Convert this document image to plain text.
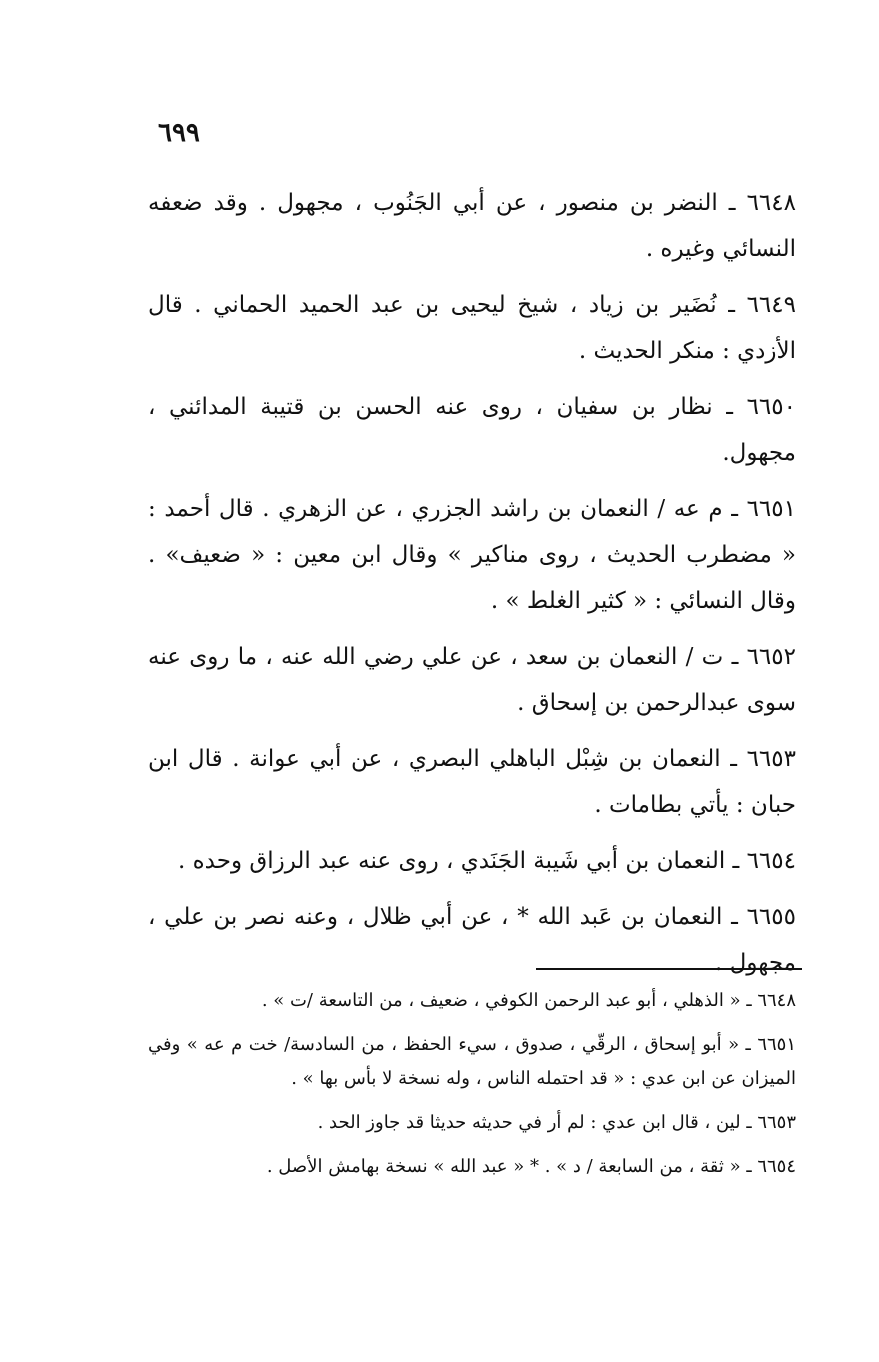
٦٩٩

٦٦٤٨ ـ النضر بن منصور ، عن أبي الجَنُوب ، مجهول . وقد ضعفه النسائي وغيره .

٦٦٤٩ ـ نُضَير بن زياد ، شيخ ليحيى بن عبد الحميد الحماني . قال الأزدي : منكر الحديث .

٦٦٥٠ ـ نظار بن سفيان ، روى عنه الحسن بن قتيبة المدائني ، مجهول.

٦٦٥١ ـ م عه / النعمان بن راشد الجزري ، عن الزهري . قال أحمد : « مضطرب الحديث ، روى مناكير » وقال ابن معين : « ضعيف» . وقال النسائي : « كثير الغلط » .

٦٦٥٢ ـ ت / النعمان بن سعد ، عن علي رضي الله عنه ، ما روى عنه سوى عبدالرحمن بن إسحاق .

٦٦٥٣ ـ النعمان بن شِبْل الباهلي البصري ، عن أبي عوانة . قال ابن حبان : يأتي بطامات .

٦٦٥٤ ـ النعمان بن أبي شَيبة الجَنَدي ، روى عنه عبد الرزاق وحده .

٦٦٥٥ ـ النعمان بن عَبد الله * ، عن أبي ظلال ، وعنه نصر بن علي ، مجهول .

٦٦٤٨ ـ « الذهلي ، أبو عبد الرحمن الكوفي ، ضعيف ، من التاسعة /ت » .

٦٦٥١ ـ « أبو إسحاق ، الرقّي ، صدوق ، سيء الحفظ ، من السادسة/ خت م عه » وفي الميزان عن ابن عدي : « قد احتمله الناس ، وله نسخة لا بأس بها » .

٦٦٥٣ ـ لين ، قال ابن عدي : لم أر في حديثه حديثا قد جاوز الحد .

٦٦٥٤ ـ « ثقة ، من السابعة / د » . * « عبد الله » نسخة بهامش الأصل .
